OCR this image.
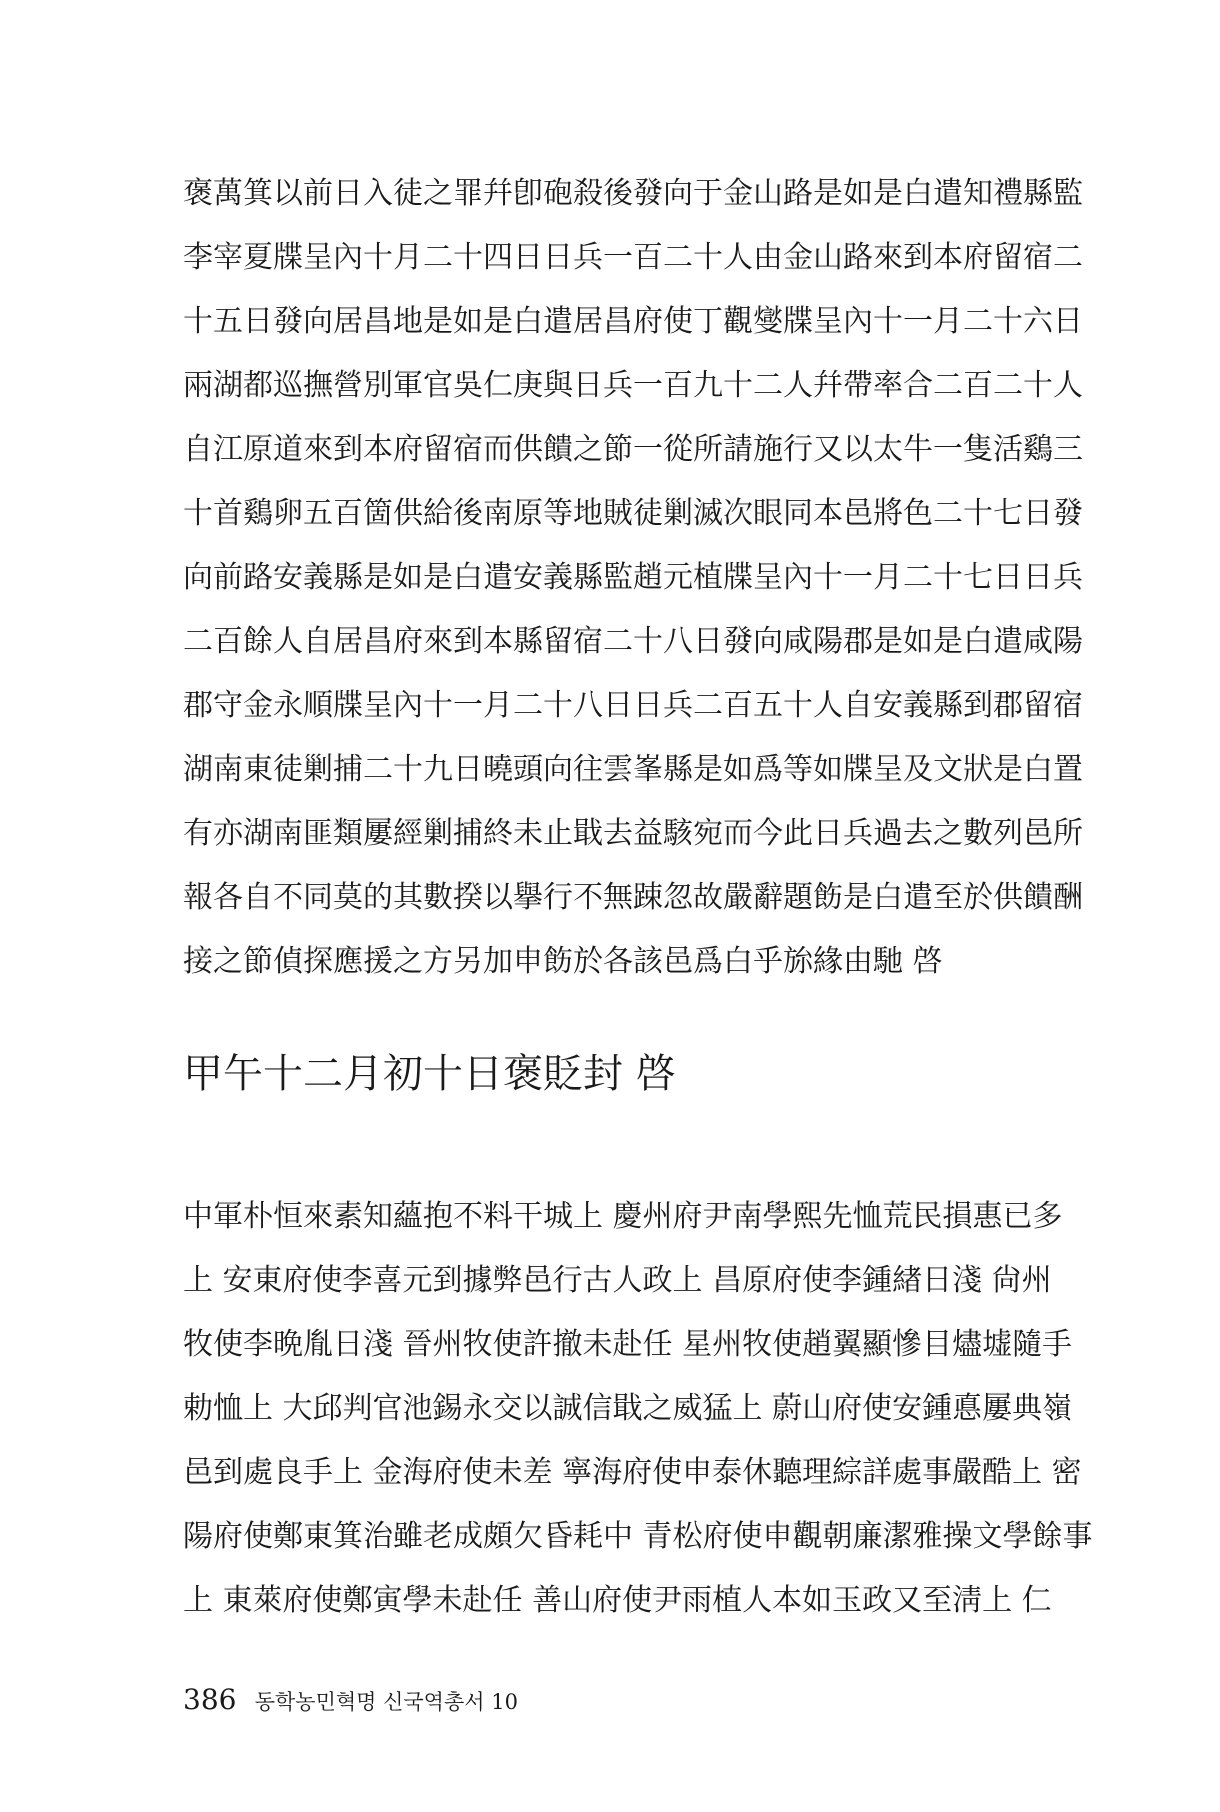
褒萬箕以前日入徒之罪幷卽砲殺後發向于金山路是如是白遣知禮縣監
李宰夏牒呈內十月二十四日日兵一百二十人由金山路來到本府留宿二
十五日發向居昌地是如是白遣居昌府使丁觀燮牒呈內十一月二十六日
兩湖都巡撫營別軍官吳仁庚與日兵一百九十二人幷帶率合二百二十人
自江原道來到本府留宿而供饋之節一從所請施行又以太牛一隻活鷄三
十首鷄卵五百箇供給後南原等地賊徒剿滅次眼同本邑將色二十七日發
向前路安義縣是如是白遣安義縣監趙元植牒呈內十一月二十七日日兵
二百餘人自居昌府來到本縣留宿二十八日發向咸陽郡是如是白遣咸陽
郡守金永順牒呈內十一月二十八日日兵二百五十人自安義縣到郡留宿
湖南東徒剿捕二十九日曉頭向往雲峯縣是如爲等如牒呈及文狀是白置
有亦湖南匪類屢經剿捕終未止戢去益駭宛而今此日兵過去之數列邑所
報各自不同莫的其數揆以擧行不無踈忽故嚴辭題飭是白遣至於供饋酬
接之節偵探應援之方另加申飭於各該邑爲白乎旀緣由馳 啓
甲午十二月初十日褒貶封 啓
中軍朴恒來素知蘊抱不料干城上 慶州府尹南學熙先恤荒民損惠已多
上 安東府使李喜元到據弊邑行古人政上 昌原府使李鍾緖日淺 尙州
牧使李晩胤日淺 晉州牧使許撤未赴任 星州牧使趙翼顯慘目燼墟隨手
勅恤上 大邱判官池錫永交以誠信戢之威猛上 蔚山府使安鍾悳屢典嶺
邑到處良手上 金海府使未差 寧海府使申泰休聽理綜詳處事嚴酷上 密
陽府使鄭東箕治雖老成頗欠昏耗中 青松府使申觀朝廉潔雅操文學餘事
上 東萊府使鄭寅學未赴任 善山府使尹雨植人本如玉政又至淸上 仁
386 동학농민혁명 신국역총서 10
